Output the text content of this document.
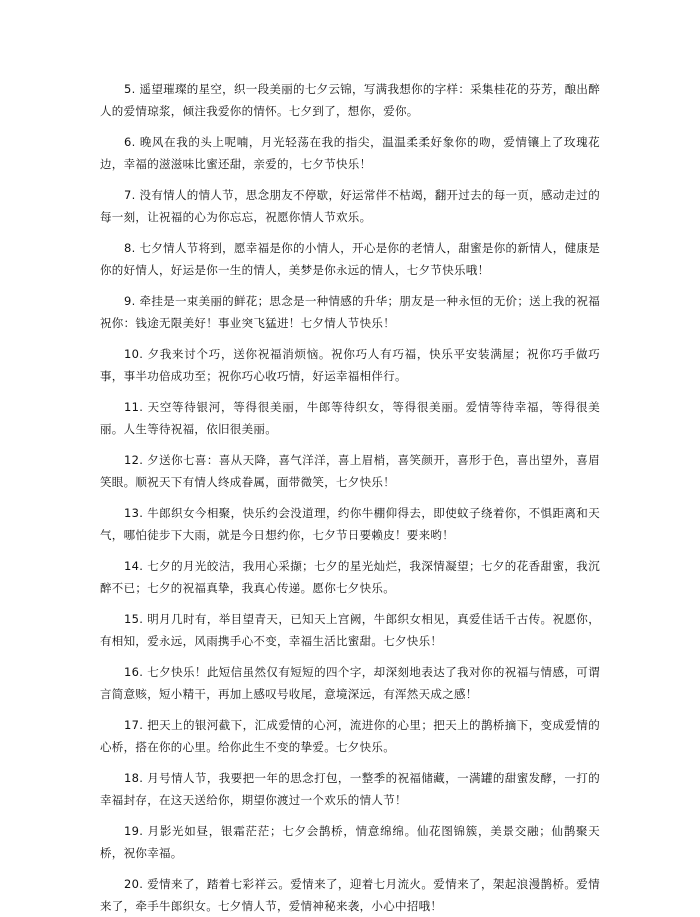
5. 遥望璀璨的星空，织一段美丽的七夕云锦，写满我想你的字样：采集桂花的芬芳，酿出醉人的爱情琼浆，倾注我爱你的情怀。七夕到了，想你，爱你。

6. 晚风在我的头上呢喃，月光轻荡在我的指尖，温温柔柔好象你的吻，爱情镶上了玫瑰花边，幸福的滋滋味比蜜还甜，亲爱的，七夕节快乐！

7. 没有情人的情人节，思念朋友不停歇，好运常伴不枯竭，翻开过去的每一页，感动走过的每一刻，让祝福的心为你忘忘，祝愿你情人节欢乐。

8. 七夕情人节将到，愿幸福是你的小情人，开心是你的老情人，甜蜜是你的新情人，健康是你的好情人，好运是你一生的情人，美梦是你永远的情人，七夕节快乐哦！

9. 牵挂是一束美丽的鲜花；思念是一种情感的升华；朋友是一种永恒的无价；送上我的祝福祝你：钱途无限美好！事业突飞猛进！七夕情人节快乐！

10. 夕我来讨个巧，送你祝福消烦恼。祝你巧人有巧福，快乐平安装满屋；祝你巧手做巧事，事半功倍成功至；祝你巧心收巧情，好运幸福相伴行。

11. 天空等待银河，等得很美丽，牛郎等待织女，等得很美丽。爱情等待幸福，等得很美丽。人生等待祝福，依旧很美丽。

12. 夕送你七喜：喜从天降，喜气洋洋，喜上眉梢，喜笑颜开，喜形于色，喜出望外，喜眉笑眼。顺祝天下有情人终成眷属，面带微笑，七夕快乐！

13. 牛郎织女今相聚，快乐约会没道理，约你牛棚仰得去，即使蚊子绕着你，不惧距离和天气，哪怕徒步下大雨，就是今日想约你，七夕节日要赖皮！要来哟！

14. 七夕的月光皎洁，我用心采撷；七夕的星光灿烂，我深情凝望；七夕的花香甜蜜，我沉醉不已；七夕的祝福真挚，我真心传递。愿你七夕快乐。

15. 明月几时有，举目望青天，已知天上宫阙，牛郎织女相见，真爱佳话千古传。祝愿你，有相知，爱永远，风雨携手心不变，幸福生活比蜜甜。七夕快乐！

16. 七夕快乐！此短信虽然仅有短短的四个字，却深刻地表达了我对你的祝福与情感，可谓言简意赅，短小精干，再加上感叹号收尾，意境深远，有浑然天成之感！

17. 把天上的银河截下，汇成爱情的心河，流进你的心里；把天上的鹊桥摘下，变成爱情的心桥，搭在你的心里。给你此生不变的挚爱。七夕快乐。

18. 月号情人节，我要把一年的思念打包，一整季的祝福储藏，一满罐的甜蜜发酵，一打的幸福封存，在这天送给你，期望你渡过一个欢乐的情人节！

19. 月影光如昼，银霜茫茫；七夕会鹊桥，情意绵绵。仙花图锦簇，美景交融；仙鹊聚天桥，祝你幸福。

20. 爱情来了，踏着七彩祥云。爱情来了，迎着七月流火。爱情来了，架起浪漫鹊桥。爱情来了，牵手牛郎织女。七夕情人节，爱情神秘来袭，小心中招哦！
